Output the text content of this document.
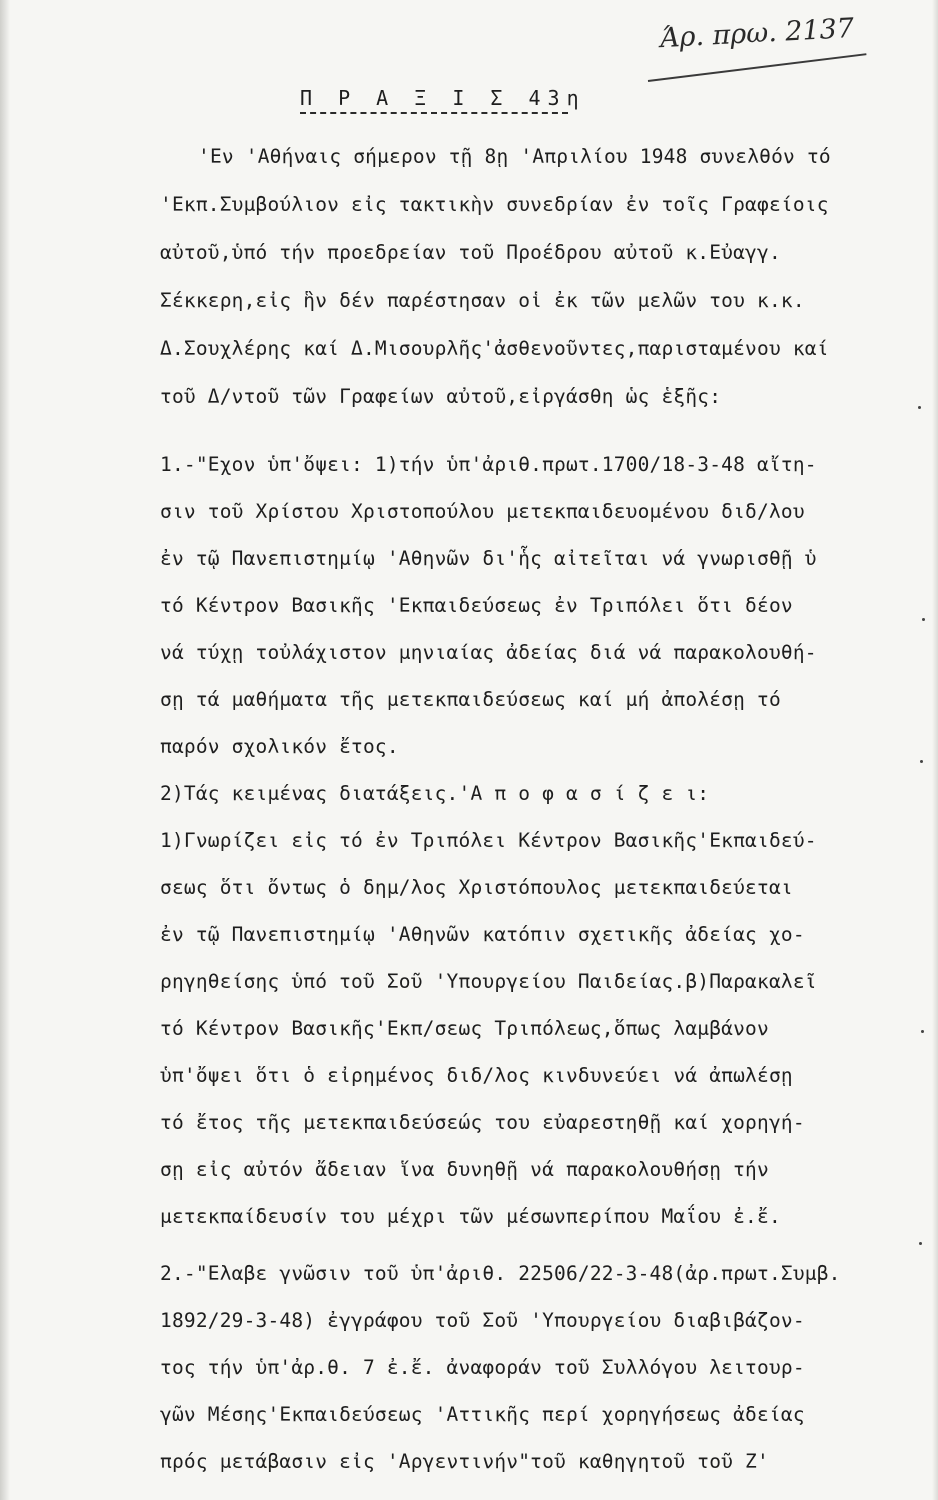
Άρ. πρω. 2137
Π Ρ Α Ξ Ι Σ 43η
'Εν 'Αθήναις σήμερον τῇ 8ῃ 'Απριλίου 1948 συνελθόν τό
'Εκπ.Συμβούλιον εἰς τακτικὴν συνεδρίαν ἐν τοῖς Γραφείοις
αὐτοῦ,ὑπό τήν προεδρείαν τοῦ Προέδρου αὐτοῦ κ.Εὐαγγ.
Σέκκερη,εἰς ἣν δέν παρέστησαν οἱ ἐκ τῶν μελῶν του κ.κ.
Δ.Σουχλέρης καί Δ.Μισουρλῆς'ἀσθενοῦντες,παρισταμένου καί
τοῦ Δ/ντοῦ τῶν Γραφείων αὐτοῦ,εἰργάσθη ὡς ἑξῆς:
1.-"Εχον ὑπ'ὄψει: 1)τήν ὑπ'ἀριθ.πρωτ.1700/18-3-48 αἴτη-
σιν τοῦ Χρίστου Χριστοπούλου μετεκπαιδευομένου διδ/λου
ἐν τῷ Πανεπιστημίῳ 'Αθηνῶν δι'ἧς αἰτεῖται νά γνωρισθῇ ὑ
τό Κέντρον Βασικῆς 'Εκπαιδεύσεως ἐν Τριπόλει ὅτι δέον
νά τύχῃ τοὐλάχιστον μηνιαίας ἀδείας διά νά παρακολουθή-
σῃ τά μαθήματα τῆς μετεκπαιδεύσεως καί μή ἀπολέσῃ τό
παρόν σχολικόν ἔτος.
2)Τάς κειμένας διατάξεις.'Α π ο φ α σ ί ζ ε ι:
1)Γνωρίζει εἰς τό ἐν Τριπόλει Κέντρον Βασικῆς'Εκπαιδεύ-
σεως ὅτι ὄντως ὁ δημ/λος Χριστόπουλος μετεκπαιδεύεται
ἐν τῷ Πανεπιστημίῳ 'Αθηνῶν κατόπιν σχετικῆς ἀδείας χο-
ρηγηθείσης ὑπό τοῦ Σοῦ 'Υπουργείου Παιδείας.β)Παρακαλεῖ
τό Κέντρον Βασικῆς'Εκπ/σεως Τριπόλεως,ὅπως λαμβάνον
ὑπ'ὄψει ὅτι ὁ εἰρημένος διδ/λος κινδυνεύει νά ἀπωλέσῃ
τό ἔτος τῆς μετεκπαιδεύσεώς του εὐαρεστηθῇ καί χορηγή-
σῃ εἰς αὐτόν ἄδειαν ἵνα δυνηθῇ νά παρακολουθήσῃ τήν
μετεκπαίδευσίν του μέχρι τῶν μέσωνπερίπου Μαΐου ἐ.ἔ.
2.-"Ελαβε γνῶσιν τοῦ ὑπ'ἀριθ. 22506/22-3-48(ἀρ.πρωτ.Συμβ.
1892/29-3-48) ἐγγράφου τοῦ Σοῦ 'Υπουργείου διαβιβάζον-
τος τήν ὑπ'ἀρ.θ. 7 ἐ.ἔ. ἀναφοράν τοῦ Συλλόγου λειτουρ-
γῶν Μέσης'Εκπαιδεύσεως 'Αττικῆς περί χορηγήσεως ἀδείας
πρός μετάβασιν εἰς 'Αργεντινήν"τοῦ καθηγητοῦ τοῦ Ζ'
